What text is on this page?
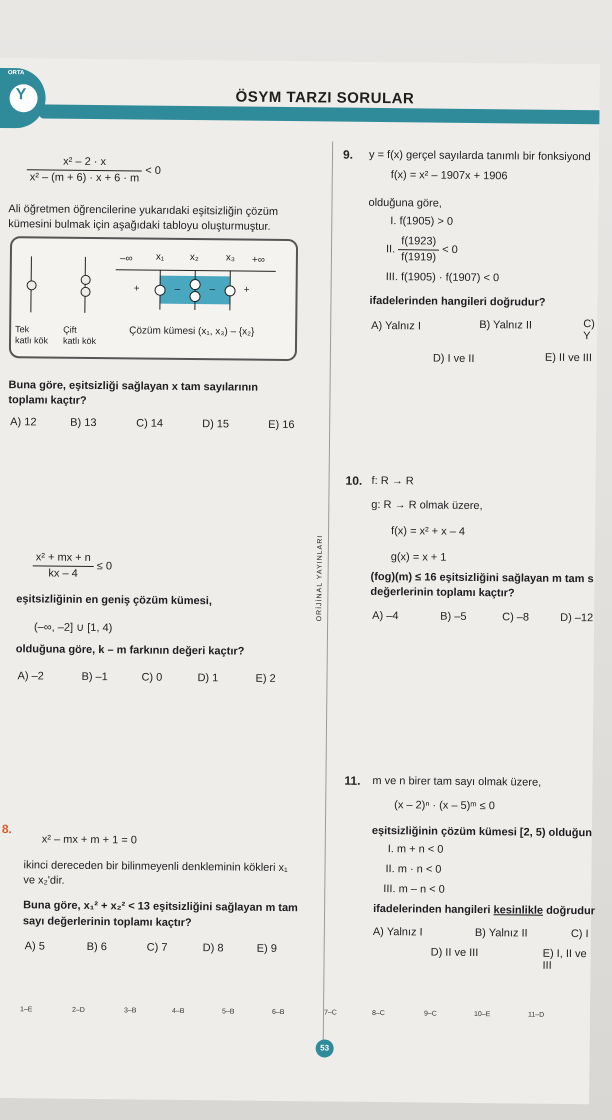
ORTA
Y	ÖSYM TARZI SORULAR
ORİJİNAL YAYINLARI
$\frac{\text{x² – 2 · x}}{\text{x² – (m + 6) · x + 6 · m}} < 0$
Ali öğretmen öğrencilerine yukarıdaki eşitsizliğin çözüm
kümesini bulmak için aşağıdaki tabloyu oluşturmuştur.
Tek
katlı kök
Çift
katlı kök
–∞ x₁	x₂	x₃ +∞
+	–	–	+
Çözüm kümesi (x₁, x₃) – {x₂}
Buna göre, eşitsizliği sağlayan x tam sayılarının
toplamı kaçtır?
A) 12	B) 13	C) 14	D) 15	E) 16
$\frac{\text{x² + mx + n}}{kx - 4} \le 0$
eşitsizliğinin en geniş çözüm kümesi,
(–∞, –2] ∪ [1, 4)
olduğuna göre, k – m farkının değeri kaçtır?
A) –2	B) –1	C) 0	D) 1	E) 2
8.
x² – mx + m + 1 = 0
ikinci dereceden bir bilinmeyenli denkleminin kökleri x₁
ve x₂'dir.
Buna göre, x₁² + x₂² < 13 eşitsizliğini sağlayan m tam
sayı değerlerinin toplamı kaçtır?
A) 5	B) 6	C) 7	D) 8	E) 9
9. y = f(x) gerçel sayılarda tanımlı bir fonksiyond
f(x) = x² – 1907x + 1906
olduğuna göre,
I. f(1905) > 0
II. $\frac{f(1923)}{f(1919)} < 0$
III. f(1905) · f(1907) < 0
ifadelerinden hangileri doğrudur?
A) Yalnız I	B) Yalnız II	C) Y
D) I ve II	E) II ve III
10. f: R → R
g: R → R olmak üzere,
f(x) = x² + x – 4
g(x) = x + 1
(fog)(m) ≤ 16 eşitsizliğini sağlayan m tam s
değerlerinin toplamı kaçtır?
A) –4	B) –5	C) –8	D) –12
11. m ve n birer tam sayı olmak üzere,
(x – 2)ⁿ · (x – 5)ᵐ ≤ 0
eşitsizliğinin çözüm kümesi [2, 5) olduğun
I. m + n < 0
II. m · n < 0
III. m – n < 0
ifadelerinden hangileri kesinlikle doğrudur
A) Yalnız I	B) Yalnız II	C) I
D) II ve III	E) I, II ve III
1–E	2–D	3–B	4–B	5–B	6–B	7–C	8–C	9–C	10–E	11–D
53
